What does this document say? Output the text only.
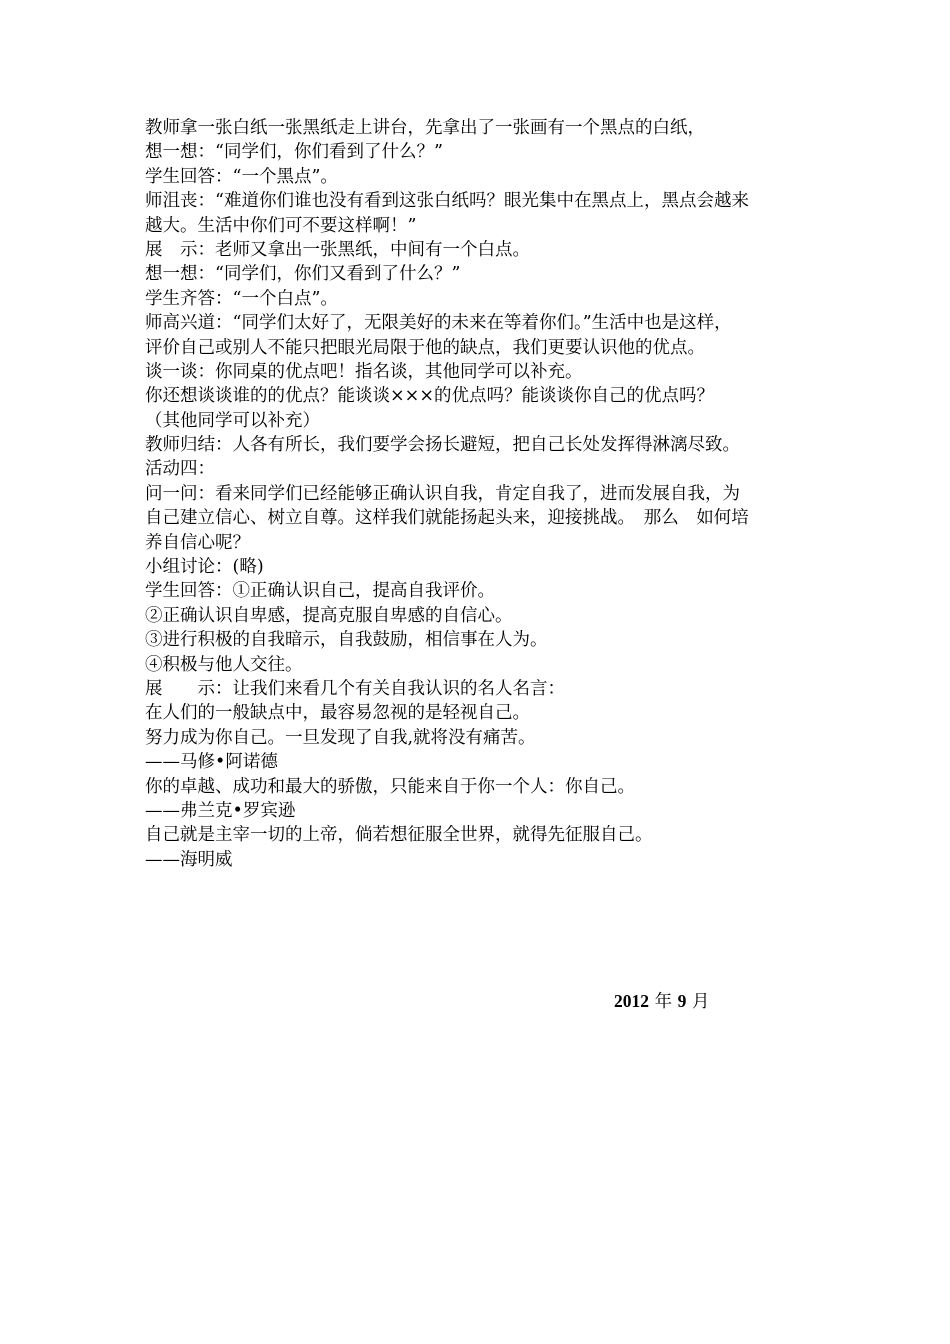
教师拿一张白纸一张黑纸走上讲台，先拿出了一张画有一个黑点的白纸，
想一想：“同学们，你们看到了什么？”
学生回答：“一个黑点”。
师沮丧：“难道你们谁也没有看到这张白纸吗？眼光集中在黑点上，黑点会越来
越大。生活中你们可不要这样啊！”
展　示：老师又拿出一张黑纸，中间有一个白点。
想一想：“同学们，你们又看到了什么？”
学生齐答：“一个白点”。
师高兴道：“同学们太好了，无限美好的未来在等着你们。”生活中也是这样，
评价自己或别人不能只把眼光局限于他的缺点，我们更要认识他的优点。
谈一谈：你同桌的优点吧！指名谈，其他同学可以补充。
你还想谈谈谁的的优点？能谈谈×××的优点吗？能谈谈你自己的优点吗？
（其他同学可以补充）
教师归结：人各有所长，我们要学会扬长避短，把自己长处发挥得淋漓尽致。
活动四：
问一问：看来同学们已经能够正确认识自我，肯定自我了，进而发展自我，为
自己建立信心、树立自尊。这样我们就能扬起头来，迎接挑战。　那么　如何培
养自信心呢？
小组讨论：(略)
学生回答：①正确认识自己，提高自我评价。
②正确认识自卑感，提高克服自卑感的自信心。
③进行积极的自我暗示，自我鼓励，相信事在人为。
④积极与他人交往。
展　　示：让我们来看几个有关自我认识的名人名言：
在人们的一般缺点中，最容易忽视的是轻视自己。
努力成为你自己。一旦发现了自我,就将没有痛苦。
——马修•阿诺德
你的卓越、成功和最大的骄傲，只能来自于你一个人：你自己。
——弗兰克•罗宾逊
自己就是主宰一切的上帝，倘若想征服全世界，就得先征服自己。
——海明威
2012 年 9 月
